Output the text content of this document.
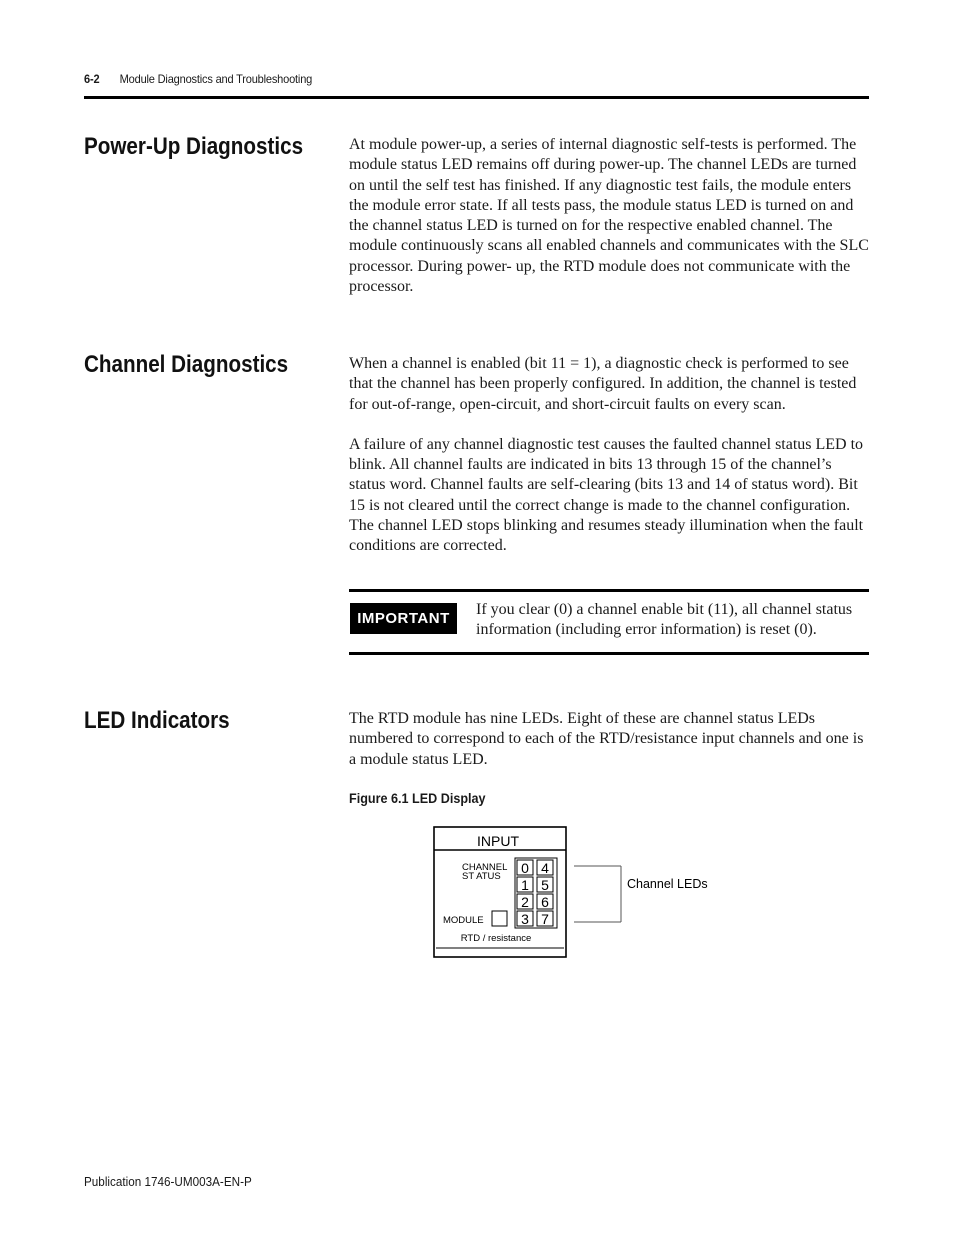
6-2 Module Diagnostics and Troubleshooting
Power-Up Diagnostics	At module power-up, a series of internal diagnostic self-tests is performed. The module status LED remains off during power-up. The channel LEDs are turned on until the self test has finished. If any diagnostic test fails, the module enters the module error state. If all tests pass, the module status LED is turned on and the channel status LED is turned on for the respective enabled channel. The module continuously scans all enabled channels and communicates with the SLC processor. During power- up, the RTD module does not communicate with the processor.

Channel Diagnostics	When a channel is enabled (bit 11 = 1), a diagnostic check is performed to see that the channel has been properly configured. In addition, the channel is tested for out-of-range, open-circuit, and short-circuit faults on every scan.

A failure of any channel diagnostic test causes the faulted channel status LED to blink. All channel faults are indicated in bits 13 through 15 of the channel’s status word. Channel faults are self-clearing (bits 13 and 14 of status word). Bit 15 is not cleared until the correct change is made to the channel configuration. The channel LED stops blinking and resumes steady illumination when the fault conditions are corrected.

IMPORTANT
If you clear (0) a channel enable bit (11), all channel status information (including error information) is reset (0).
LED Indicators	The RTD module has nine LEDs. Eight of these are channel status LEDs numbered to correspond to each of the RTD/resistance input channels and one is a module status LED.

Figure 6.1 LED Display
INPUT
CHANNEL
ST ATUS
0
1
2
3
4
5
6
7
MODULE
RTD / resistance
Channel LEDs
Publication 1746-UM003A-EN-P
